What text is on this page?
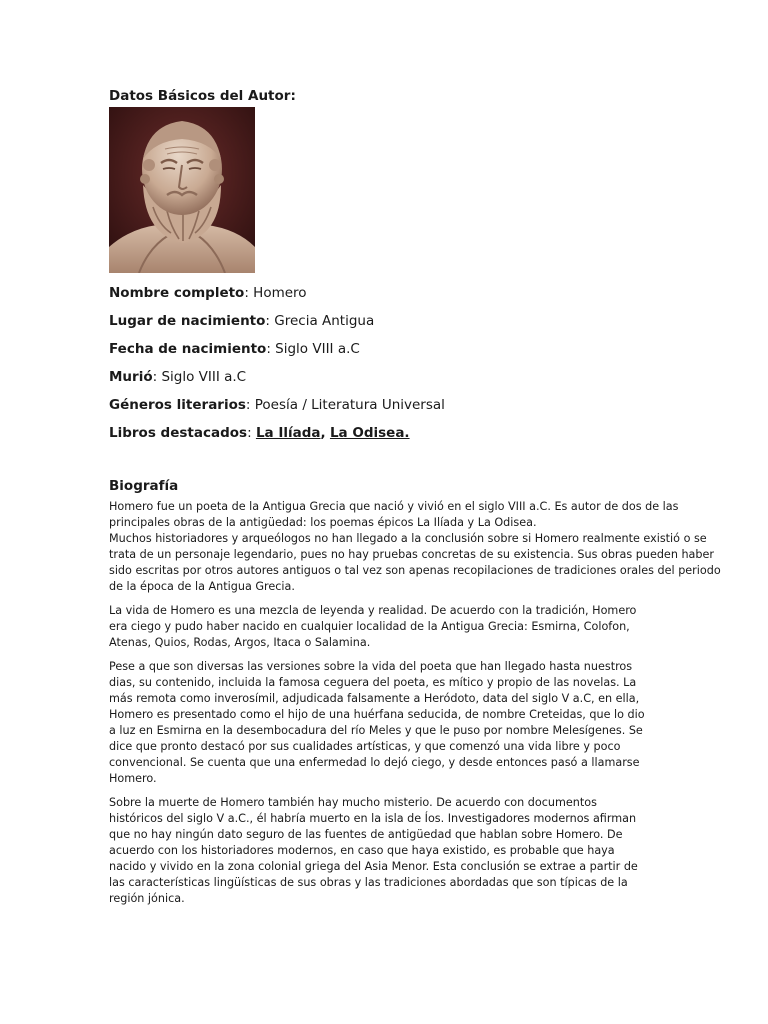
Datos Básicos del Autor:
Nombre completo: Homero
Lugar de nacimiento: Grecia Antigua
Fecha de nacimiento: Siglo VIII a.C
Murió: Siglo VIII a.C
Géneros literarios: Poesía / Literatura Universal
Libros destacados: La Ilíada, La Odisea.
Biografía

Homero fue un poeta de la Antigua Grecia que nació y vivió en el siglo VIII a.C. Es autor de dos de las
principales obras de la antigüedad: los poemas épicos La Ilíada y La Odisea.
Muchos historiadores y arqueólogos no han llegado a la conclusión sobre si Homero realmente existió o se
trata de un personaje legendario, pues no hay pruebas concretas de su existencia. Sus obras pueden haber
sido escritas por otros autores antiguos o tal vez son apenas recopilaciones de tradiciones orales del periodo
de la época de la Antigua Grecia.

La vida de Homero es una mezcla de leyenda y realidad. De acuerdo con la tradición, Homero
era ciego y pudo haber nacido en cualquier localidad de la Antigua Grecia: Esmirna, Colofon,
Atenas, Quios, Rodas, Argos, Itaca o Salamina.

Pese a que son diversas las versiones sobre la vida del poeta que han llegado hasta nuestros
dias, su contenido, incluida la famosa ceguera del poeta, es mítico y propio de las novelas. La
más remota como inverosímil, adjudicada falsamente a Heródoto, data del siglo V a.C, en ella,
Homero es presentado como el hijo de una huérfana seducida, de nombre Creteidas, que lo dio
a luz en Esmirna en la desembocadura del río Meles y que le puso por nombre Melesígenes. Se
dice que pronto destacó por sus cualidades artísticas, y que comenzó una vida libre y poco
convencional. Se cuenta que una enfermedad lo dejó ciego, y desde entonces pasó a llamarse
Homero.

Sobre la muerte de Homero también hay mucho misterio. De acuerdo con documentos
históricos del siglo V a.C., él habría muerto en la isla de Íos. Investigadores modernos afirman
que no hay ningún dato seguro de las fuentes de antigüedad que hablan sobre Homero. De
acuerdo con los historiadores modernos, en caso que haya existido, es probable que haya
nacido y vivido en la zona colonial griega del Asia Menor. Esta conclusión se extrae a partir de
las características lingüísticas de sus obras y las tradiciones abordadas que son típicas de la
región jónica.
